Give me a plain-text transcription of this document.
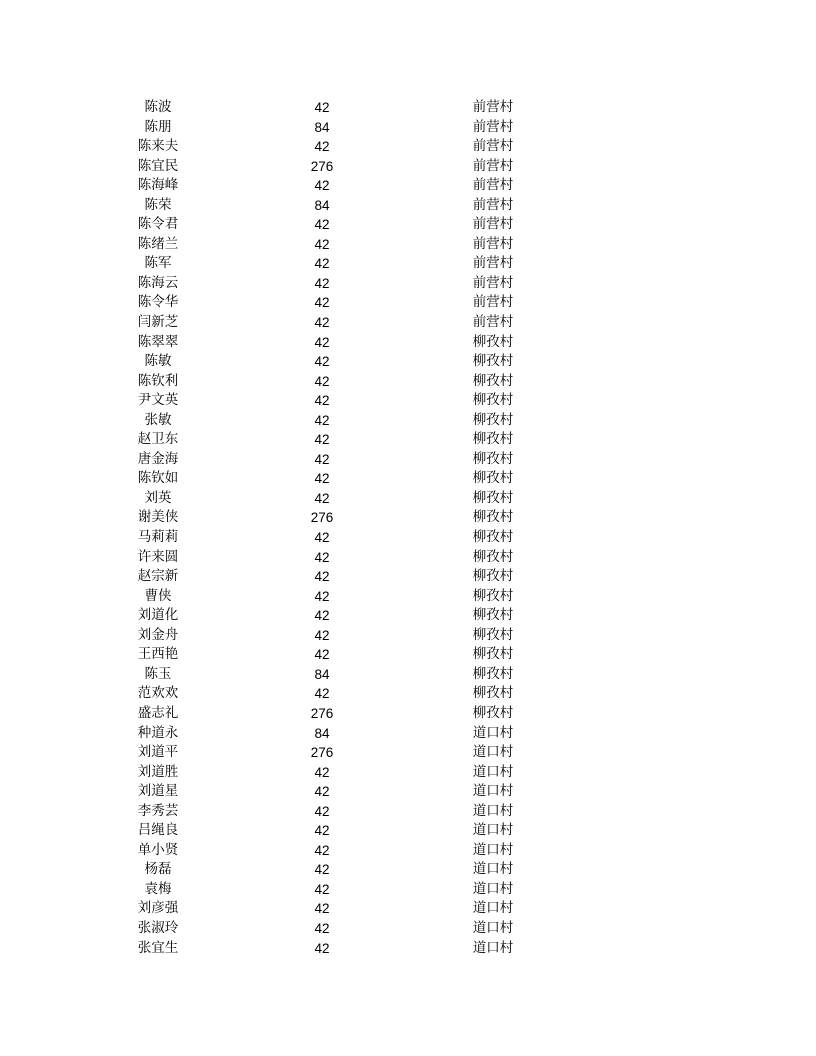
陈波	42	前营村
陈朋	84	前营村
陈来夫	42	前营村
陈宜民	276	前营村
陈海峰	42	前营村
陈荣	84	前营村
陈令君	42	前营村
陈绪兰	42	前营村
陈军	42	前营村
陈海云	42	前营村
陈令华	42	前营村
闫新芝	42	前营村
陈翠翠	42	柳孜村
陈敏	42	柳孜村
陈钦利	42	柳孜村
尹文英	42	柳孜村
张敏	42	柳孜村
赵卫东	42	柳孜村
唐金海	42	柳孜村
陈钦如	42	柳孜村
刘英	42	柳孜村
谢美侠	276	柳孜村
马莉莉	42	柳孜村
许来圆	42	柳孜村
赵宗新	42	柳孜村
曹侠	42	柳孜村
刘道化	42	柳孜村
刘金舟	42	柳孜村
王西艳	42	柳孜村
陈玉	84	柳孜村
范欢欢	42	柳孜村
盛志礼	276	柳孜村
种道永	84	道口村
刘道平	276	道口村
刘道胜	42	道口村
刘道星	42	道口村
李秀芸	42	道口村
吕绳良	42	道口村
单小贤	42	道口村
杨磊	42	道口村
袁梅	42	道口村
刘彦强	42	道口村
张淑玲	42	道口村
张宜生	42	道口村
